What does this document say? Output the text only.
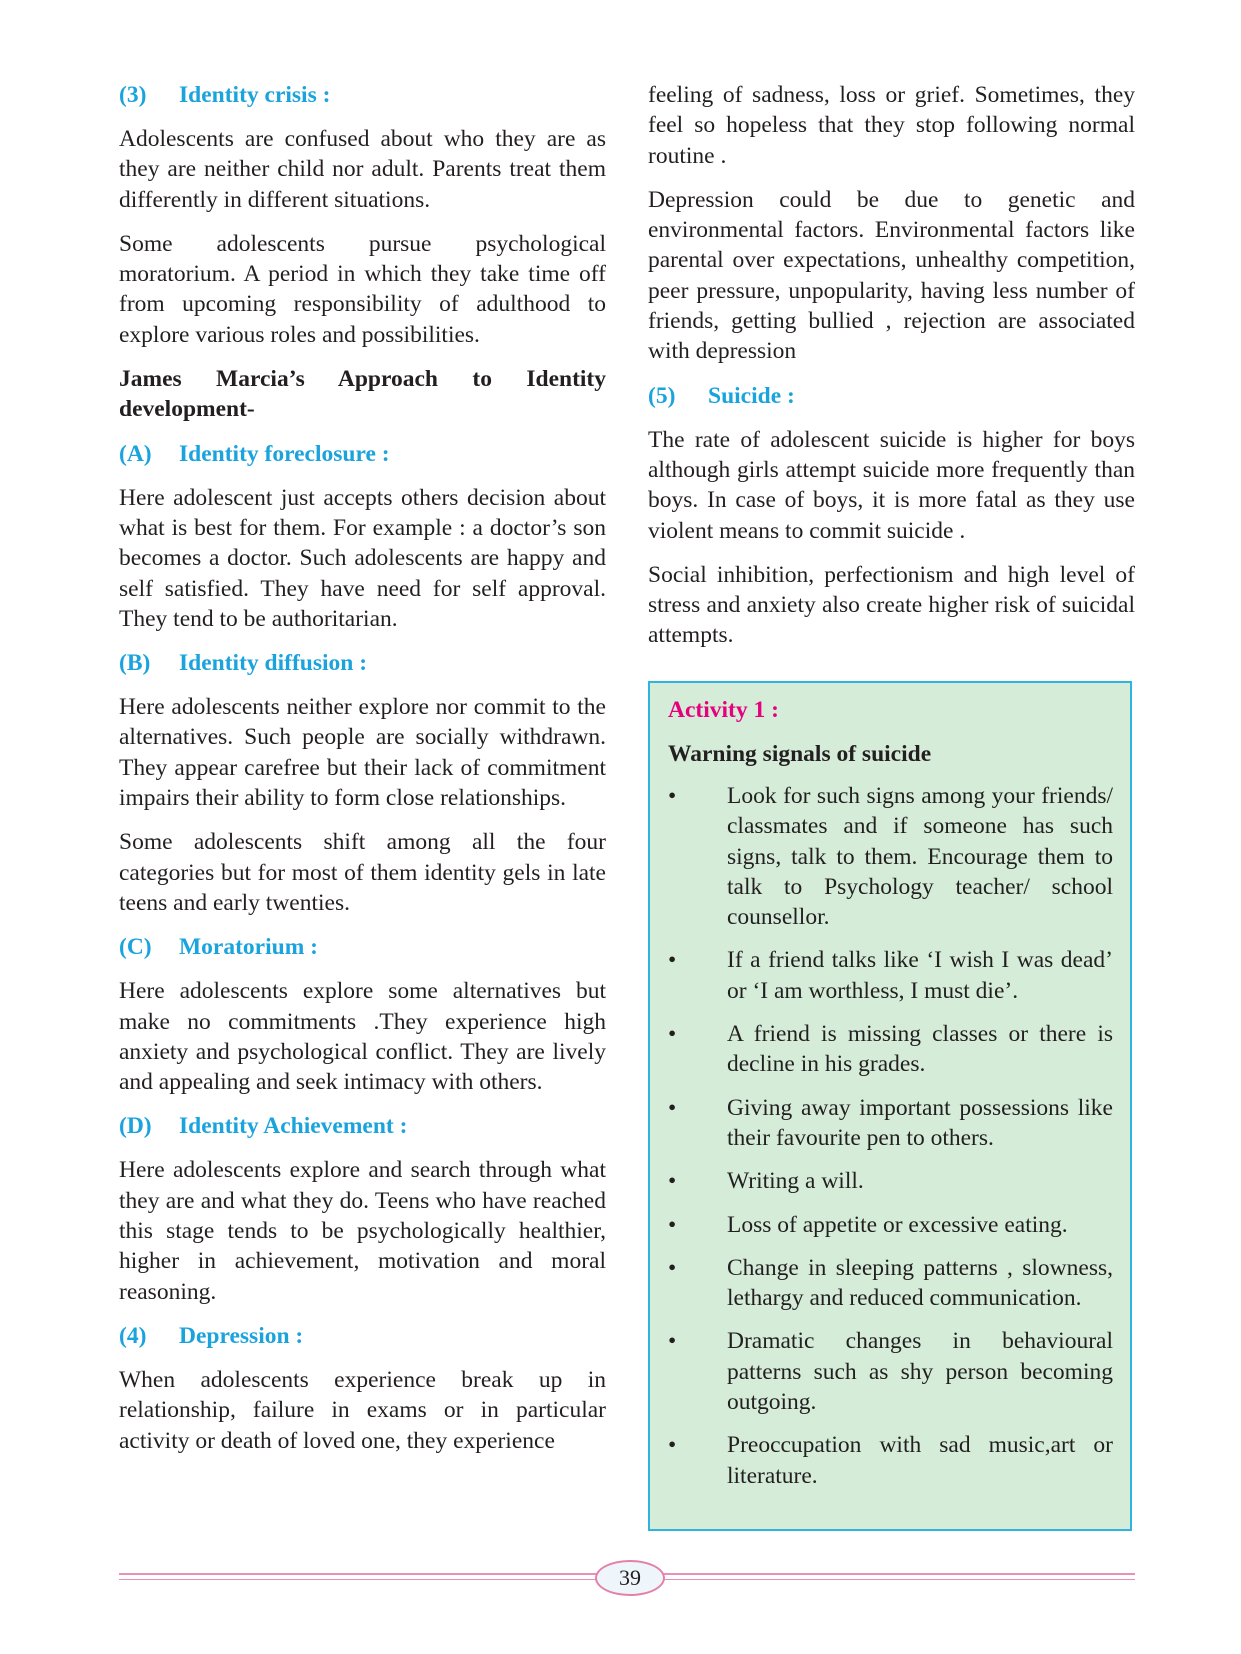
(3) Identity crisis :
Adolescents are confused about who they are as they are neither child nor adult. Parents treat them differently in different situations.
Some adolescents pursue psychological moratorium. A period in which they take time off from upcoming responsibility of adulthood to explore various roles and possibilities.
James Marcia’s Approach to Identity development-
(A) Identity foreclosure :
Here adolescent just accepts others decision about what is best for them. For example : a doctor’s son becomes a doctor. Such adolescents are happy and self satisfied. They have need for self approval. They tend to be authoritarian.
(B) Identity diffusion :
Here adolescents neither explore nor commit to the alternatives. Such people are socially withdrawn. They appear carefree but their lack of commitment impairs their ability to form close relationships.
Some adolescents shift among all the four categories but for most of them identity gels in late teens and early twenties.
(C) Moratorium :
Here adolescents explore some alternatives but make no commitments .They experience high anxiety and psychological conflict. They are lively and appealing and seek intimacy with others.
(D) Identity Achievement :
Here adolescents explore and search through what they are and what they do. Teens who have reached this stage tends to be psychologically healthier, higher in achievement, motivation and moral reasoning.
(4) Depression :
When adolescents experience break up in relationship, failure in exams or in particular activity or death of loved one, they experience
feeling of sadness, loss or grief. Sometimes, they feel so hopeless that they stop following normal routine .
Depression could be due to genetic and environmental factors. Environmental factors like parental over expectations, unhealthy competition, peer pressure, unpopularity, having less number of friends, getting bullied , rejection are associated with depression
(5) Suicide :
The rate of adolescent suicide is higher for boys although girls attempt suicide more frequently than boys. In case of boys, it is more fatal as they use violent means to commit suicide .
Social inhibition, perfectionism and high level of stress and anxiety also create higher risk of suicidal attempts.
Activity 1 :
Warning signals of suicide
• Look for such signs among your friends/ classmates and if someone has such signs, talk to them. Encourage them to talk to Psychology teacher/ school counsellor.
• If a friend talks like ‘I wish I was dead’ or ‘I am worthless, I must die’.
• A friend is missing classes or there is decline in his grades.
• Giving away important possessions like their favourite pen to others.
• Writing a will.
• Loss of appetite or excessive eating.
• Change in sleeping patterns , slowness, lethargy and reduced communication.
• Dramatic changes in behavioural patterns such as shy person becoming outgoing.
• Preoccupation with sad music,art or literature.
39
